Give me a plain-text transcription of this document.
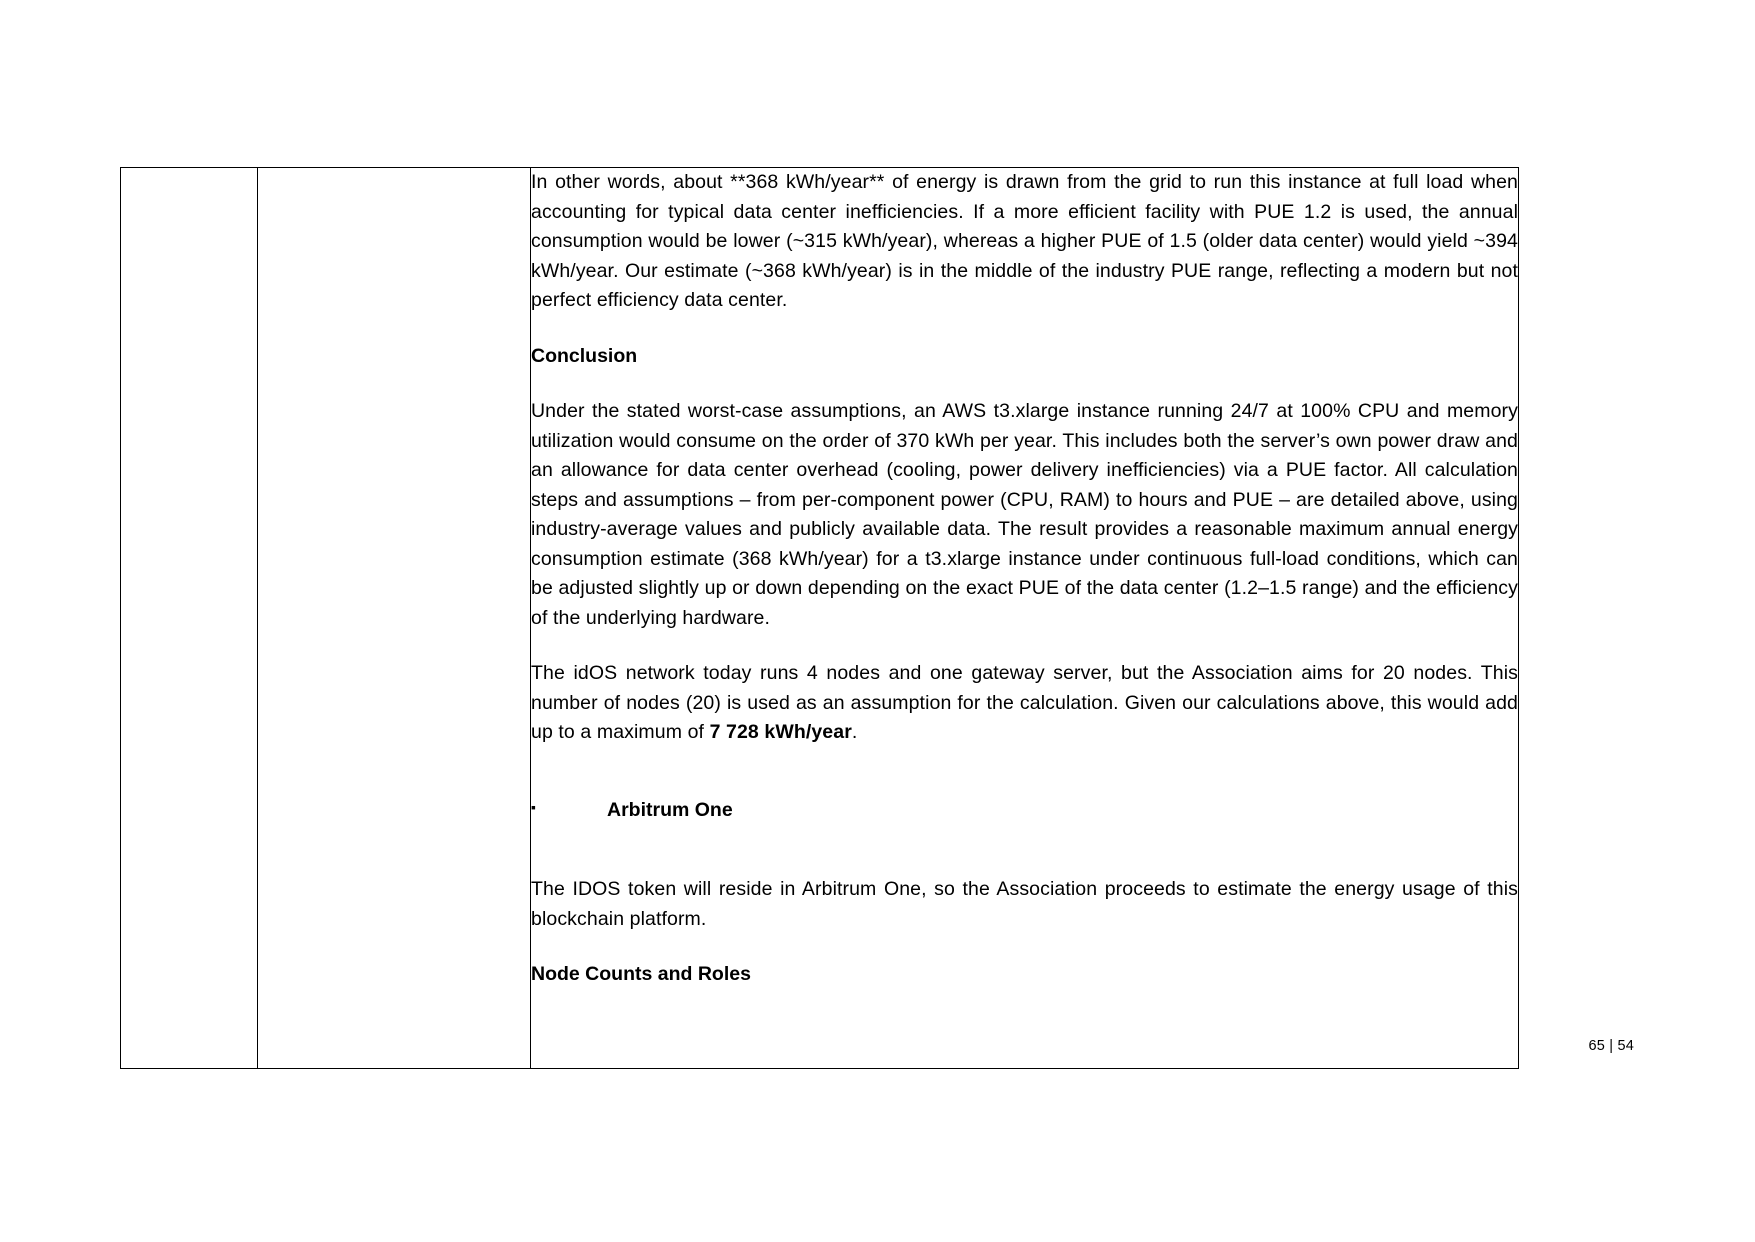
In other words, about **368 kWh/year** of energy is drawn from the grid to run this instance at full load when accounting for typical data center inefficiencies. If a more efficient facility with PUE 1.2 is used, the annual consumption would be lower (~315 kWh/year), whereas a higher PUE of 1.5 (older data center) would yield ~394 kWh/year. Our estimate (~368 kWh/year) is in the middle of the industry PUE range, reflecting a modern but not perfect efficiency data center.

Conclusion

Under the stated worst-case assumptions, an AWS t3.xlarge instance running 24/7 at 100% CPU and memory utilization would consume on the order of 370 kWh per year. This includes both the server’s own power draw and an allowance for data center overhead (cooling, power delivery inefficiencies) via a PUE factor. All calculation steps and assumptions – from per-component power (CPU, RAM) to hours and PUE – are detailed above, using industry-average values and publicly available data. The result provides a reasonable maximum annual energy consumption estimate (368 kWh/year) for a t3.xlarge instance under continuous full-load conditions, which can be adjusted slightly up or down depending on the exact PUE of the data center (1.2–1.5 range) and the efficiency of the underlying hardware.

The idOS network today runs 4 nodes and one gateway server, but the Association aims for 20 nodes. This number of nodes (20) is used as an assumption for the calculation. Given our calculations above, this would add up to a maximum of 7 728 kWh/year.

▪	Arbitrum One

The IDOS token will reside in Arbitrum One, so the Association proceeds to estimate the energy usage of this blockchain platform.

Node Counts and Roles

65 | 54
